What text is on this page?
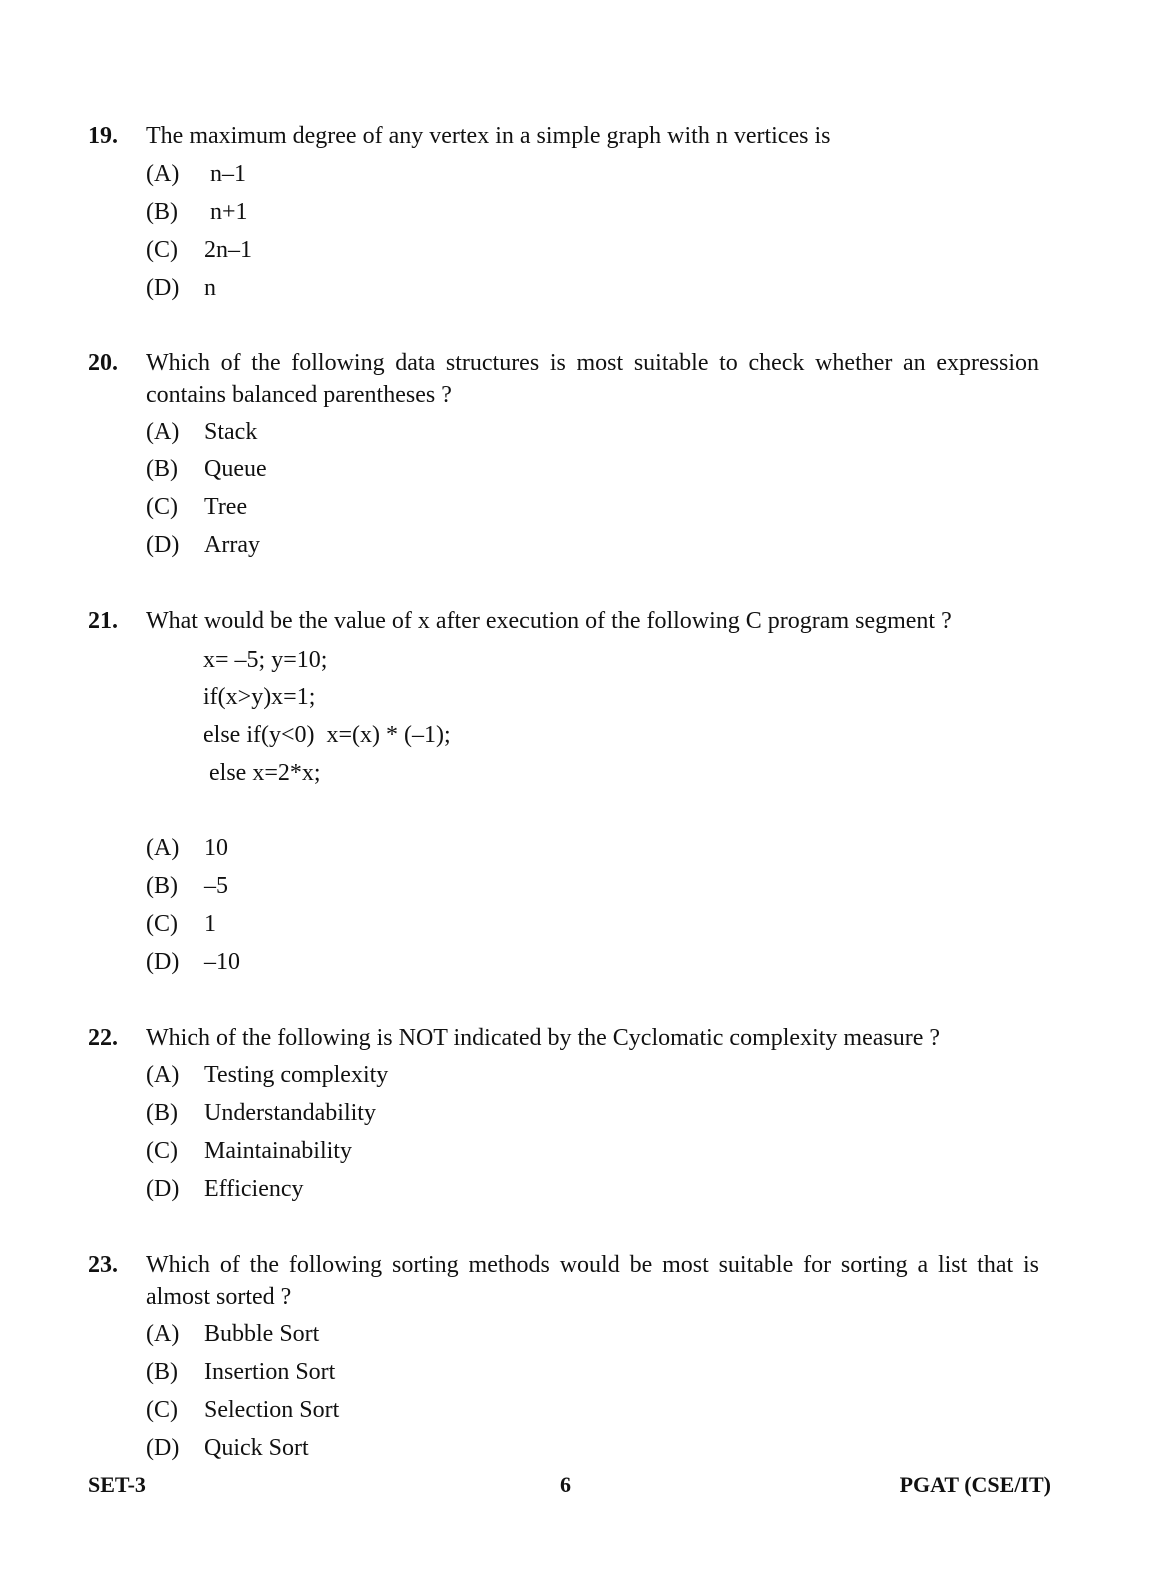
19. The maximum degree of any vertex in a simple graph with n vertices is
(A) n–1
(B) n+1
(C) 2n–1
(D) n
20. Which of the following data structures is most suitable to check whether an expression contains balanced parentheses ?
(A) Stack
(B) Queue
(C) Tree
(D) Array
21. What would be the value of x after execution of the following C program segment ?
x= –5; y=10;
if(x>y)x=1;
else if(y<0)  x=(x) * (–1);
else x=2*x;
(A) 10
(B) –5
(C) 1
(D) –10
22. Which of the following is NOT indicated by the Cyclomatic complexity measure ?
(A) Testing complexity
(B) Understandability
(C) Maintainability
(D) Efficiency
23. Which of the following sorting methods would be most suitable for sorting a list that is almost sorted ?
(A) Bubble Sort
(B) Insertion Sort
(C) Selection Sort
(D) Quick Sort
SET-3	6	PGAT (CSE/IT)
